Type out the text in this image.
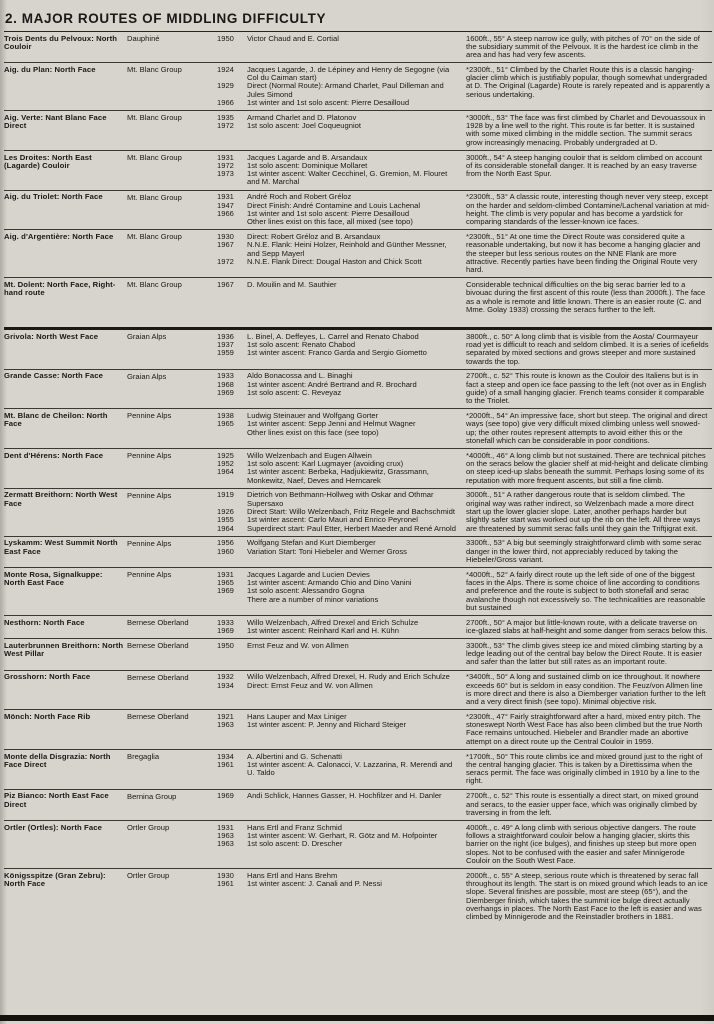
2. MAJOR ROUTES OF MIDDLING DIFFICULTY
Trois Dents du Pelvoux: North Couloir
Dauphiné	1950	Victor Chaud and E. Cortial	1600ft., 55° A steep narrow ice gully, with pitches of 70° on the side of the subsidiary summit of the Pelvoux. It is the hardest ice climb in the area and has had very few ascents.
Aig. du Plan: North Face	Mt. Blanc Group	1924	Jacques Lagarde, J. de Lépiney and Henry de Segogne (via Col du Caiman start)
1929	Direct (Normal Route): Armand Charlet, Paul Dilleman and Jules Simond
1966	1st winter and 1st solo ascent: Pierre Desailloud
*2300ft., 51° Climbed by the Charlet Route this is a classic hanging-glacier climb which is justifiably popular, though somewhat undergraded at D. The Original (Lagarde) Route is rarely repeated and is apparently a serious undertaking.
Aig. Verte: Nant Blanc Face Direct
Mt. Blanc Group	1935	Armand Charlet and D. Platonov
1972	1st solo ascent: Joel Coqueugniot
*3000ft., 53° The face was first climbed by Charlet and Devouassoux in 1928 by a line well to the right. This route is far better. It is sustained with some mixed climbing in the middle section. The summit seracs grow increasingly menacing. Probably undergraded at D.
Les Droites: North East (Lagarde) Couloir
Mt. Blanc Group	1931	Jacques Lagarde and B. Arsandaux
1972	1st solo ascent: Dominique Mollaret
1973	1st winter ascent: Walter Cecchinel, G. Gremion, M. Flouret and M. Marchal
3000ft., 54° A steep hanging couloir that is seldom climbed on account of its considerable stonefall danger. It is reached by an easy traverse from the North East Spur.
Aig. du Triolet: North Face	Mt. Blanc Group	1931	André Roch and Robert Gréloz
1947	Direct Finish: André Contamine and Louis Lachenal
1966	1st winter and 1st solo ascent: Pierre Desailloud
Other lines exist on this face, all mixed (see topo)
*2300ft., 53° A classic route, interesting though never very steep, except on the harder and seldom-climbed Contamine/Lachenal variation at mid-height. The climb is very popular and has become a yardstick for comparing standards of the lesser-known ice faces.
Aig. d'Argentière: North Face	Mt. Blanc Group	1930	Direct: Robert Gréloz and B. Arsandaux
1967	N.N.E. Flank: Heini Holzer, Reinhold and Günther Messner, and Sepp Mayerl
1972	N.N.E. Flank Direct: Dougal Haston and Chick Scott
*2300ft., 51° At one time the Direct Route was considered quite a reasonable undertaking, but now it has become a hanging glacier and the steeper but less serious routes on the NNE Flank are more attractive. Recently parties have been finding the Original Route very hard.
Mt. Dolent: North Face, Right-hand route
Mt. Blanc Group	1967	D. Mouilin and M. Sauthier	Considerable technical difficulties on the big serac barrier led to a bivouac during the first ascent of this route (less than 2000ft.). The face as a whole is remote and little known. There is an easier route (C. and Mme. Golay 1933) crossing the seracs further to the left.
Grivola: North West Face	Graian Alps	1936	L. Binel, A. Deffeyes, L. Carrel and Renato Chabod
1937	1st solo ascent: Renato Chabod
1959	1st winter ascent: Franco Garda and Sergio Giometto
3800ft., c. 50° A long climb that is visible from the Aosta/ Courmayeur road yet is difficult to reach and seldom climbed. It is a series of icefields separated by mixed sections and grows steeper and more sustained towards the top.
Grande Casse: North Face	Graian Alps	1933	Aldo Bonacossa and L. Binaghi
1968	1st winter ascent: André Bertrand and R. Brochard
1969	1st solo ascent: C. Reveyaz
2700ft., c. 52° This route is known as the Couloir des Italiens but is in fact a steep and open ice face passing to the left (not over as in English guide) of a small hanging glacier. French teams consider it comparable to the Triolet.
Mt. Blanc de Cheilon: North Face
Pennine Alps	1938	Ludwig Steinauer and Wolfgang Gorter
1965	1st winter ascent: Sepp Jenni and Helmut Wagner
Other lines exist on this face (see topo)
*2000ft., 54° An impressive face, short but steep. The original and direct ways (see topo) give very difficult mixed climbing unless well snowed-up; the other routes represent attempts to avoid either this or the stonefall which can be considerable in poor conditions.
Dent d'Hérens: North Face	Pennine Alps	1925	Willo Welzenbach and Eugen Allwein
1952	1st solo ascent: Karl Lugmayer (avoiding crux)
1964	1st winter ascent: Berbeka, Hadjukiewitz, Grassmann, Monkewitz, Naef, Deves and Herncarek
*4000ft., 46° A long climb but not sustained. There are technical pitches on the seracs below the glacier shelf at mid-height and delicate climbing on steep iced-up slabs beneath the summit. Perhaps losing some of its reputation with more frequent ascents, but still a fine climb.
Zermatt Breithorn: North West Face
Pennine Alps	1919	Dietrich von Bethmann-Hollweg with Oskar and Othmar Supersaxo
1926	Direct Start: Willo Welzenbach, Fritz Regele and Bachschmidt
1955	1st winter ascent: Carlo Mauri and Enrico Peyronel
1964	Superdirect start: Paul Etter, Herbert Maeder and René Arnold
3000ft., 51° A rather dangerous route that is seldom climbed. The original way was rather indirect, so Welzenbach made a more direct start up the lower glacier slope. Later, another perhaps harder but slightly safer start was worked out up the rib on the left. All three ways are threatened by summit serac falls until they gain the Triftjigrat exit.
Lyskamm: West Summit North East Face
Pennine Alps	1956	Wolfgang Stefan and Kurt Diemberger
1960	Variation Start: Toni Hiebeler and Werner Gross
3300ft., 53° A big but seemingly straightforward climb with some serac danger in the lower third, not appreciably reduced by taking the Hiebeler/Gross variant.
Monte Rosa, Signalkuppe: North East Face
Pennine Alps	1931	Jacques Lagarde and Lucien Devies
1965	1st winter ascent: Armando Chio and Dino Vanini
1969	1st solo ascent: Alessandro Gogna
There are a number of minor variations
*4000ft., 52° A fairly direct route up the left side of one of the biggest faces in the Alps. There is some choice of line according to conditions and preference and the route is subject to both stonefall and serac avalanche though not excessively so. The technicalities are reasonable but sustained
Nesthorn: North Face	Bernese Oberland	1933	Willo Welzenbach, Alfred Drexel and Erich Schulze
1969	1st winter ascent: Reinhard Karl and H. Kühn
2700ft., 50° A major but little-known route, with a delicate traverse on ice-glazed slabs at half-height and some danger from seracs below this.
Lauterbrunnen Breithorn: North West Pillar
Bernese Oberland	1950	Ernst Feuz and W. von Allmen	3300ft., 53° The climb gives steep ice and mixed climbing starting by a ledge leading out of the central bay below the Direct Route. It is easier and safer than the latter but still rates as an important route.
Grosshorn: North Face	Bernese Oberland	1932	Willo Welzenbach, Alfred Drexel, H. Rudy and Erich Schulze
1934	Direct: Ernst Feuz and W. von Allmen
*3400ft., 50° A long and sustained climb on ice throughout. It nowhere exceeds 60° but is seldom in easy condition. The Feuz/von Allmen line is more direct and there is also a Diemberger variation further to the left and a very direct finish (see topo). Minimal objective risk.
Mönch: North Face Rib	Bernese Oberland	1921	Hans Lauper and Max Liniger
1963	1st winter ascent: P. Jenny and Richard Steiger
*2300ft., 47° Fairly straightforward after a hard, mixed entry pitch. The stoneswept North West Face has also been climbed but the true North Face remains untouched. Hiebeler and Brandler made an abortive attempt on a direct route up the Central Couloir in 1959.
Monte della Disgrazia: North Face Direct
Bregaglia	1934	A. Albertini and G. Schenatti
1961	1st winter ascent: A. Calonacci, V. Lazzarina, R. Merendi and U. Taldo
*1700ft., 50° This route climbs ice and mixed ground just to the right of the central hanging glacier. This is taken by a Direttissima when the seracs permit. The face was originally climbed in 1910 by a line to the right.
Piz Bianco: North East Face Direct
Bernina Group	1969	Andi Schlick, Hannes Gasser, H. Hochfilzer and H. Danler	2700ft., c. 52° This route is essentially a direct start, on mixed ground and seracs, to the easier upper face, which was originally climbed by traversing in from the left.
Ortler (Ortles): North Face	Ortler Group	1931	Hans Ertl and Franz Schmid
1963	1st winter ascent: W. Gerhart, R. Götz and M. Hofpointer
1963	1st solo ascent: D. Drescher
4000ft., c. 49° A long climb with serious objective dangers. The route follows a straightforward couloir below a hanging glacier, skirts this barrier on the right (ice bulges), and finishes up steep but more open slopes. Not to be confused with the easier and safer Minnigerode Couloir on the South West Face.
Königsspitze (Gran Zebru): North Face
Ortler Group	1930	Hans Ertl and Hans Brehm
1961	1st winter ascent: J. Canali and P. Nessi
2000ft., c. 55° A steep, serious route which is threatened by serac fall throughout its length. The start is on mixed ground which leads to an ice slope. Several finishes are possible, most are steep (65°), and the Diemberger finish, which takes the summit ice bulge direct actually overhangs in places. The North East Face to the left is easier and was climbed by Minnigerode and the Reinstadler brothers in 1881.
